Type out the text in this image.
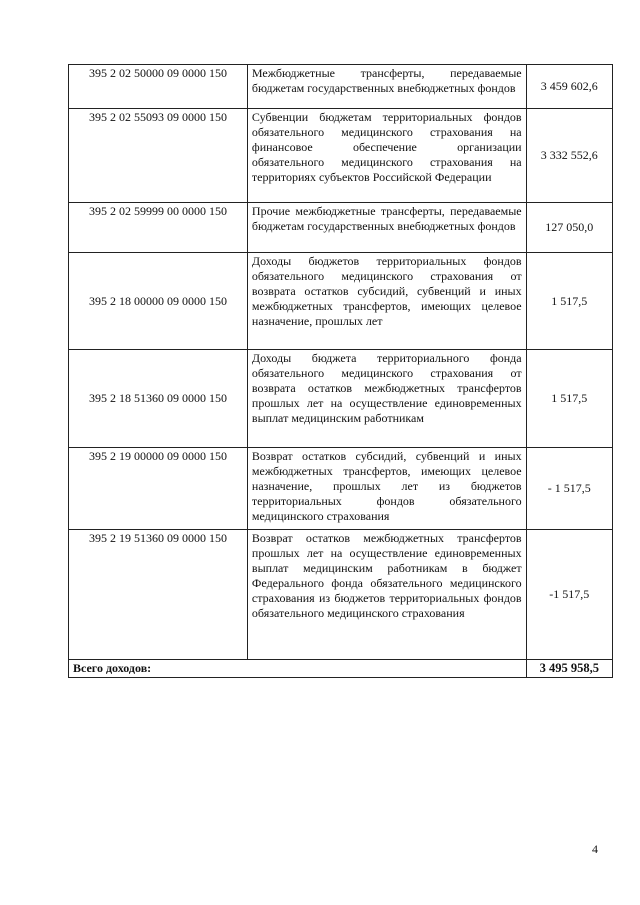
395 2 02 50000 09 0000 150	Межбюджетные трансферты, передаваемые бюджетам государственных внебюджетных фондов	3 459 602,6
395 2 02 55093 09 0000 150	Субвенции бюджетам территориальных фондов обязательного медицинского страхования на финансовое обеспечение организации обязательного медицинского страхования на территориях субъектов Российской Федерации	3 332 552,6
395 2 02 59999 00 0000 150	Прочие межбюджетные трансферты, передаваемые бюджетам государственных внебюджетных фондов	127 050,0
395 2 18 00000 09 0000 150	Доходы бюджетов территориальных фондов обязательного медицинского страхования от возврата остатков субсидий, субвенций и иных межбюджетных трансфертов, имеющих целевое назначение, прошлых лет	1 517,5
395 2 18 51360 09 0000 150	Доходы бюджета территориального фонда обязательного медицинского страхования от возврата остатков межбюджетных трансфертов прошлых лет на осуществление единовременных выплат медицинским работникам	1 517,5
395 2 19 00000 09 0000 150	Возврат остатков субсидий, субвенций и иных межбюджетных трансфертов, имеющих целевое назначение, прошлых лет из бюджетов территориальных фондов обязательного медицинского страхования	- 1 517,5
395 2 19 51360 09 0000 150	Возврат остатков межбюджетных трансфертов прошлых лет на осуществление единовременных выплат медицинским работникам в бюджет Федерального фонда обязательного медицинского страхования из бюджетов территориальных фондов обязательного медицинского страхования	-1 517,5
Всего доходов:		3 495 958,5
4
